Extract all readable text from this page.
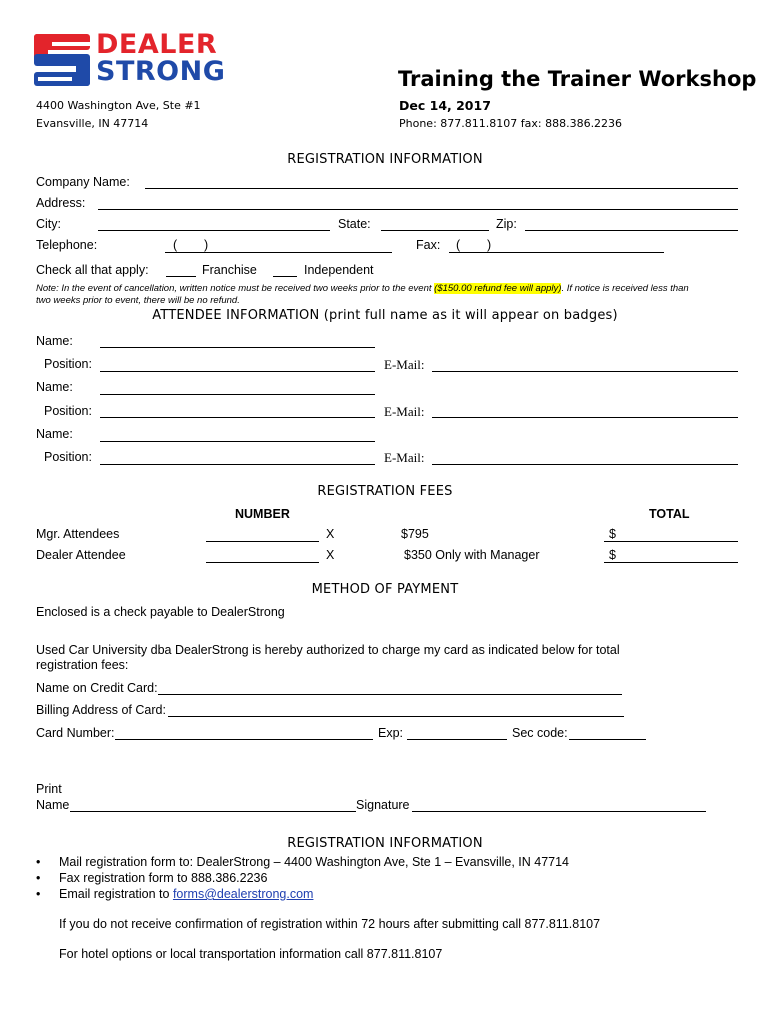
DEALER
STRONG
4400 Washington Ave, Ste #1
Evansville, IN 47714
Training the Trainer Workshop
Dec 14, 2017
Phone: 877.811.8107 fax: 888.386.2236
REGISTRATION INFORMATION
Company Name:
Address:
City:	State:	Zip:
Telephone:	( )	Fax: ( )
Check all that apply:	Franchise	Independent
Note: In the event of cancellation, written notice must be received two weeks prior to the event ($150.00 refund fee will apply). If notice is received less than
two weeks prior to event, there will be no refund.
ATTENDEE INFORMATION (print full name as it will appear on badges)
Name:
Position:	E-Mail:
Name:
Position:	E-Mail:
Name:
Position:	E-Mail:
REGISTRATION FEES
NUMBER	TOTAL
Mgr. Attendees	X	$795	$
Dealer Attendee	X	$350 Only with Manager	$
METHOD OF PAYMENT
Enclosed is a check payable to DealerStrong
Used Car University dba DealerStrong is hereby authorized to charge my card as indicated below for total
registration fees:
Name on Credit Card:
Billing Address of Card:
Card Number:	Exp:	Sec code:
Print
Name	Signature
REGISTRATION INFORMATION
• Mail registration form to: DealerStrong – 4400 Washington Ave, Ste 1 – Evansville, IN 47714
• Fax registration form to 888.386.2236
• Email registration to forms@dealerstrong.com
If you do not receive confirmation of registration within 72 hours after submitting call 877.811.8107
For hotel options or local transportation information call 877.811.8107
